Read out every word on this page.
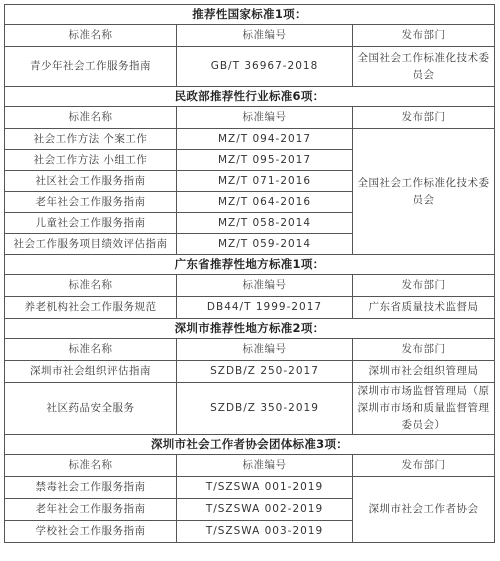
推荐性国家标准1项：		
标准名称	标准编号	发布部门
青少年社会工作服务指南	GB/T 36967-2018	全国社会工作标准化技术委员会
民政部推荐性行业标准6项：		
标准名称	标准编号	发布部门
社会工作方法 个案工作	MZ/T 094-2017	全国社会工作标准化技术委员会
社会工作方法 小组工作	MZ/T 095-2017	
社区社会工作服务指南	MZ/T 071-2016	
老年社会工作服务指南	MZ/T 064-2016	
儿童社会工作服务指南	MZ/T 058-2014	
社会工作服务项目绩效评估指南	MZ/T 059-2014	
广东省推荐性地方标准1项：		
标准名称	标准编号	发布部门
养老机构社会工作服务规范	DB44/T 1999-2017	广东省质量技术监督局
深圳市推荐性地方标准2项：		
标准名称	标准编号	发布部门
深圳市社会组织评估指南	SZDB/Z 250-2017	深圳市社会组织管理局
社区药品安全服务	SZDB/Z 350-2019	深圳市市场监督管理局（原深圳市市场和质量监督管理委员会）
深圳市社会工作者协会团体标准3项：		
标准名称	标准编号	发布部门
禁毒社会工作服务指南	T/SZSWA 001-2019	深圳市社会工作者协会
老年社会工作服务指南	T/SZSWA 002-2019	
学校社会工作服务指南	T/SZSWA 003-2019	
